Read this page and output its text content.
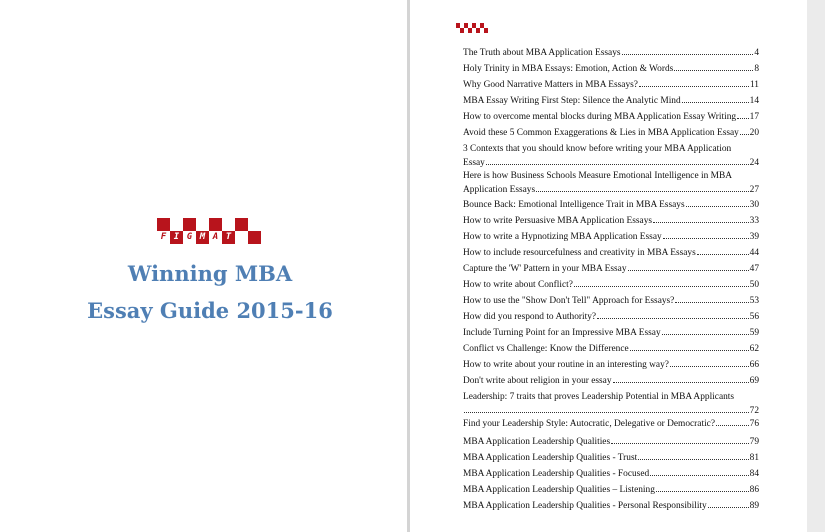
F I G M A T
Winning MBA
Essay Guide 2015-16
The Truth about MBA Application Essays	4
Holy Trinity in MBA Essays: Emotion, Action & Words	8
Why Good Narrative Matters in MBA Essays?	11
MBA Essay Writing First Step: Silence the Analytic Mind	14
How to overcome mental blocks during MBA Application Essay Writing 17
Avoid these 5 Common Exaggerations & Lies in MBA Application Essay 20
3 Contexts that you should know before writing your MBA Application
Essay	24
Here is how Business Schools Measure Emotional Intelligence in MBA
Application Essays	27
Bounce Back: Emotional Intelligence Trait in MBA Essays	30
How to write Persuasive MBA Application Essays	33
How to write a Hypnotizing MBA Application Essay	39
How to include resourcefulness and creativity in MBA Essays	44
Capture the 'W' Pattern in your MBA Essay	47
How to write about Conflict?	50
How to use the "Show Don't Tell" Approach for Essays?	53
How did you respond to Authority?	56
Include Turning Point for an Impressive MBA Essay	59
Conflict vs Challenge: Know the Difference	62
How to write about your routine in an interesting way?	66
Don't write about religion in your essay	69
Leadership: 7 traits that proves Leadership Potential in MBA Applicants
72
Find your Leadership Style: Autocratic, Delegative or Democratic?	76
MBA Application Leadership Qualities	79
MBA Application Leadership Qualities - Trust	81
MBA Application Leadership Qualities - Focused	84
MBA Application Leadership Qualities – Listening	86
MBA Application Leadership Qualities - Personal Responsibility	89
